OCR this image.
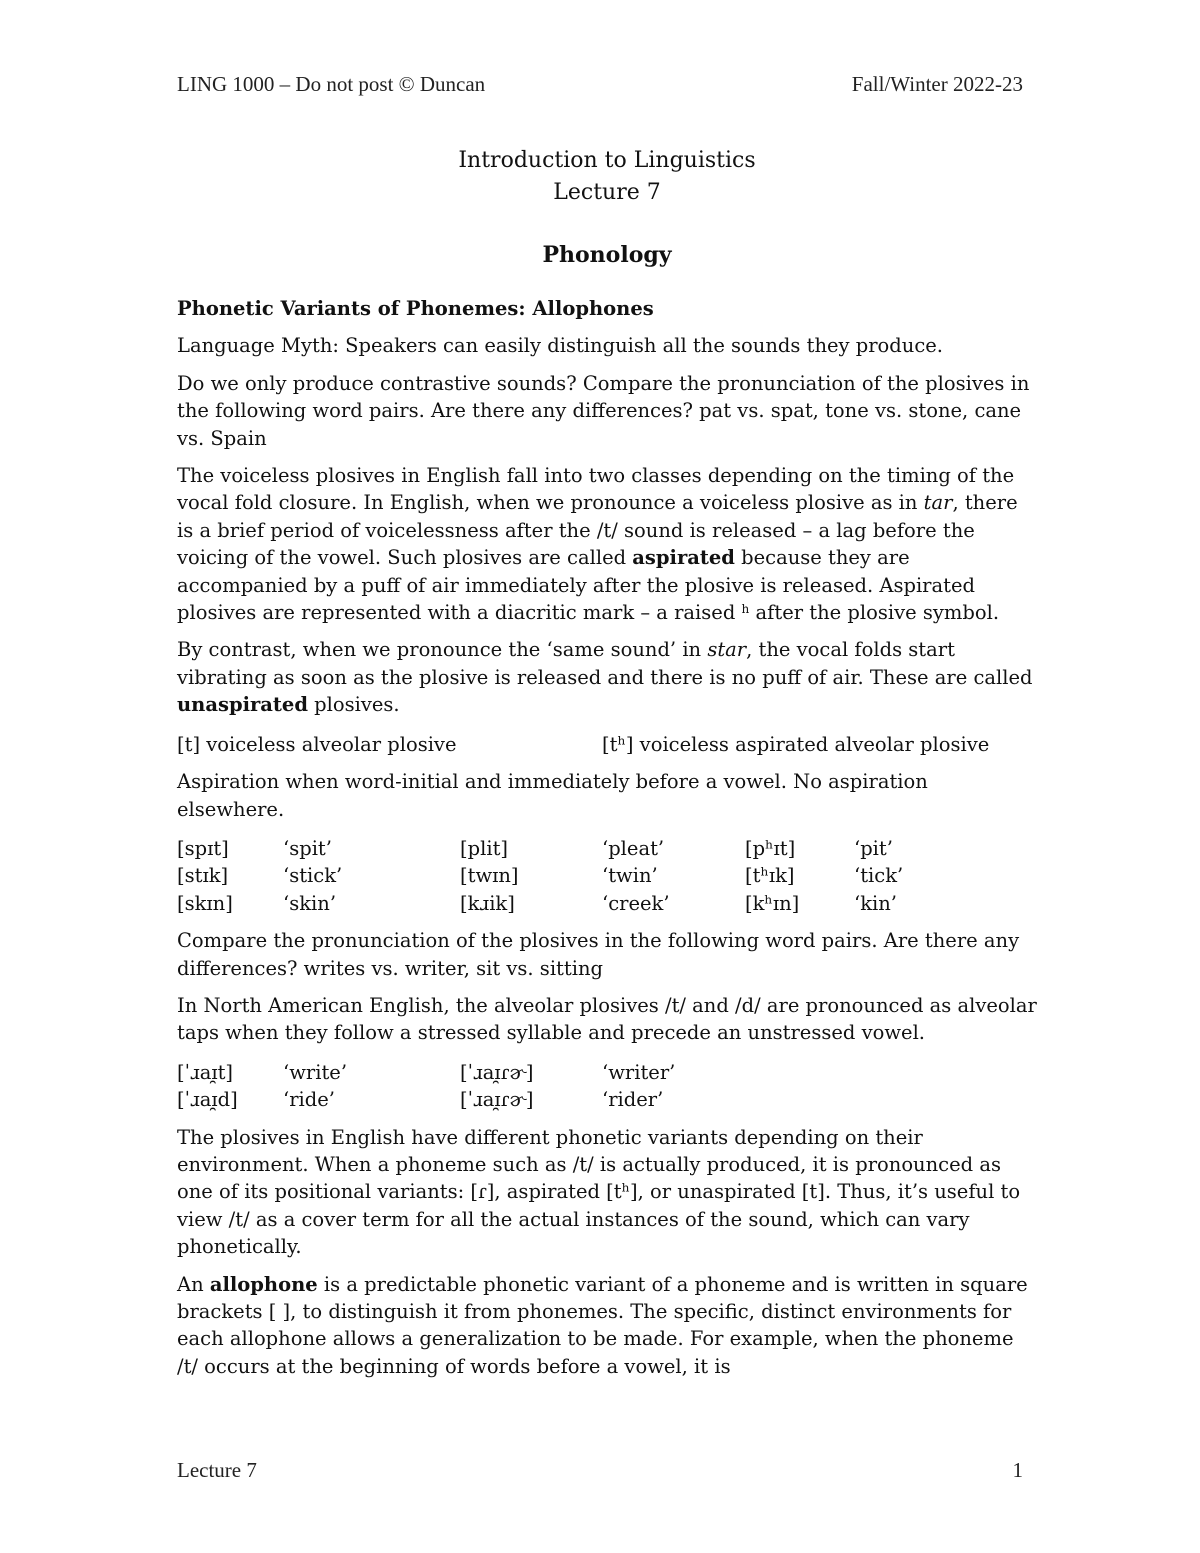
LING 1000 – Do not post © Duncan	Fall/Winter 2022-23
Introduction to Linguistics
Lecture 7
Phonology
Phonetic Variants of Phonemes: Allophones

Language Myth: Speakers can easily distinguish all the sounds they produce.

Do we only produce contrastive sounds? Compare the pronunciation of the plosives in the following word pairs. Are there any differences? pat vs. spat, tone vs. stone, cane vs. Spain

The voiceless plosives in English fall into two classes depending on the timing of the vocal fold closure. In English, when we pronounce a voiceless plosive as in tar, there is a brief period of voicelessness after the /t/ sound is released – a lag before the voicing of the vowel. Such plosives are called aspirated because they are accompanied by a puff of air immediately after the plosive is released. Aspirated plosives are represented with a diacritic mark – a raised $^h$ after the plosive symbol.

By contrast, when we pronounce the ‘same sound’ in star, the vocal folds start vibrating as soon as the plosive is released and there is no puff of air. These are called unaspirated plosives.

[t] voiceless alveolar plosive	[tʰ] voiceless aspirated alveolar plosive

Aspiration when word-initial and immediately before a vowel. No aspiration elsewhere.

[spɪt]	‘spit’	[plit]	‘pleat’	[pʰɪt]	‘pit’
[stɪk]	‘stick’	[twɪn]	‘twin’	[tʰɪk]	‘tick’
[skɪn]	‘skin’	[kɹik]	‘creek’	[kʰɪn]	‘kin’

Compare the pronunciation of the plosives in the following word pairs. Are there any differences? writes vs. writer, sit vs. sitting

In North American English, the alveolar plosives /t/ and /d/ are pronounced as alveolar taps when they follow a stressed syllable and precede an unstressed vowel.

[ˈɹaɪ̯t]	‘write’	[ˈɹaɪ̯ɾɚ]	‘writer’
[ˈɹaɪ̯d]	‘ride’	[ˈɹaɪ̯ɾɚ]	‘rider’

The plosives in English have different phonetic variants depending on their environment. When a phoneme such as /t/ is actually produced, it is pronounced as one of its positional variants: [ɾ], aspirated [tʰ], or unaspirated [t]. Thus, it’s useful to view /t/ as a cover term for all the actual instances of the sound, which can vary phonetically.

An allophone is a predictable phonetic variant of a phoneme and is written in square brackets [ ], to distinguish it from phonemes. The specific, distinct environments for each allophone allows a generalization to be made. For example, when the phoneme /t/ occurs at the beginning of words before a vowel, it is

Lecture 7	1
